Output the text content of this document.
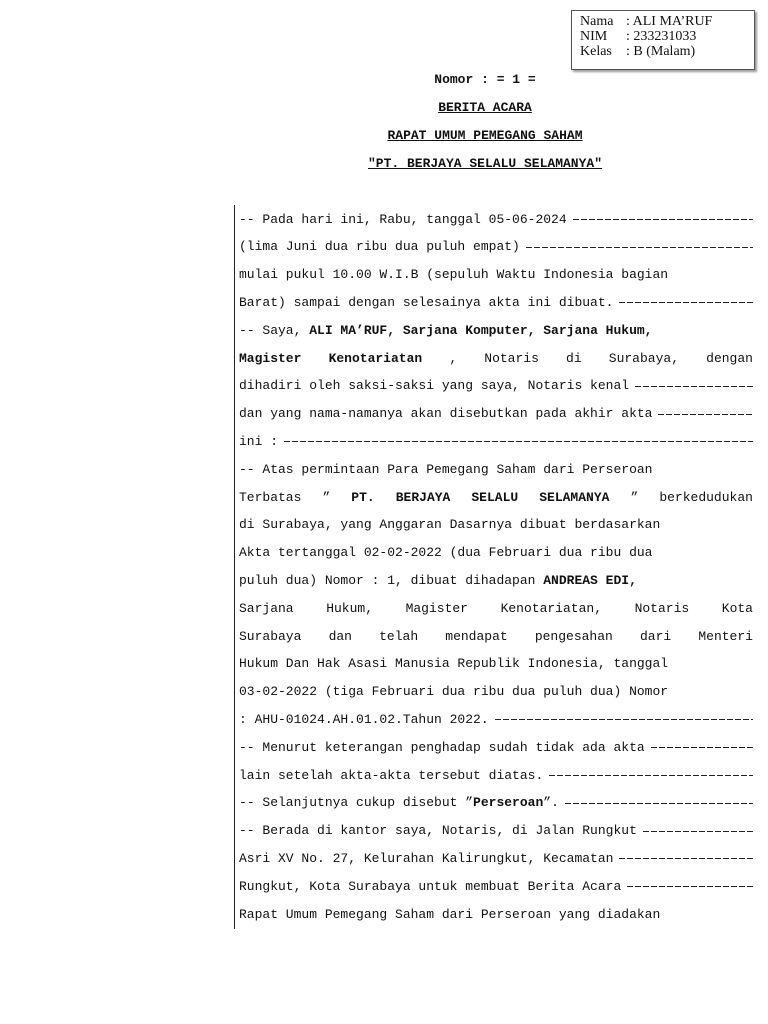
Nama : ALI MA’RUF
NIM	: 233231033
Kelas	: B (Malam)
Nomor : = 1 =
BERITA ACARA
RAPAT UMUM PEMEGANG SAHAM
"PT. BERJAYA SELALU SELAMANYA"
-- Pada hari ini, Rabu, tanggal 05-06-2024
(lima Juni dua ribu dua puluh empat)
mulai pukul 10.00 W.I.B (sepuluh Waktu Indonesia bagian
Barat) sampai dengan selesainya akta ini dibuat.
-- Saya, ALI MA’RUF, Sarjana Komputer, Sarjana Hukum,
Magister Kenotariatan , Notaris di Surabaya, dengan
dihadiri oleh saksi-saksi yang saya, Notaris kenal
dan yang nama-namanya akan disebutkan pada akhir akta
ini :
-- Atas permintaan Para Pemegang Saham dari Perseroan
Terbatas ” PT. BERJAYA SELALU SELAMANYA ” berkedudukan
di Surabaya, yang Anggaran Dasarnya dibuat berdasarkan
Akta tertanggal 02-02-2022 (dua Februari dua ribu dua
puluh dua) Nomor : 1, dibuat dihadapan ANDREAS EDI,
Sarjana	Hukum,	Magister	Kenotariatan,	Notaris	Kota
Surabaya dan telah mendapat pengesahan dari Menteri
Hukum Dan Hak Asasi Manusia Republik Indonesia, tanggal
03-02-2022 (tiga Februari dua ribu dua puluh dua) Nomor
: AHU-01024.AH.01.02.Tahun 2022.
-- Menurut keterangan penghadap sudah tidak ada akta
lain setelah akta-akta tersebut diatas.
-- Selanjutnya cukup disebut ”Perseroan”.
-- Berada di kantor saya, Notaris, di Jalan Rungkut
Asri XV No. 27, Kelurahan Kalirungkut, Kecamatan
Rungkut, Kota Surabaya untuk membuat Berita Acara
Rapat Umum Pemegang Saham dari Perseroan yang diadakan
